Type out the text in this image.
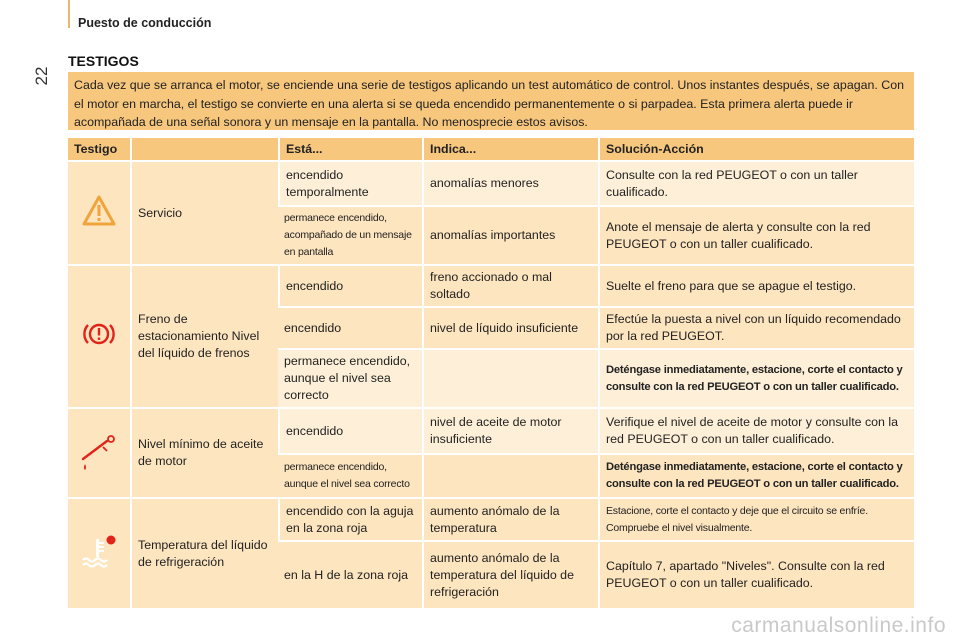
Puesto de conducción
22
TESTIGOS
Cada vez que se arranca el motor, se enciende una serie de testigos aplicando un test automático de control. Unos instantes después, se apagan. Con el motor en marcha, el testigo se convierte en una alerta si se queda encendido permanentemente o si parpadea. Esta primera alerta puede ir acompañada de una señal sonora y un mensaje en la pantalla. No menosprecie estos avisos.
Testigo		Está...	Indica...	Solución-Acción
	Servicio	encendido temporalmente	anomalías menores	Consulte con la red PEUGEOT o con un taller cualificado.
		permanece encendido, acompañado de un mensaje en pantalla	anomalías importantes	Anote el mensaje de alerta y consulte con la red PEUGEOT o con un taller cualificado.
	Freno de estacionamiento Nivel del líquido de frenos	encendido	freno accionado o mal soltado	Suelte el freno para que se apague el testigo.
		encendido	nivel de líquido insuficiente	Efectúe la puesta a nivel con un líquido recomendado por la red PEUGEOT.
		permanece encendido, aunque el nivel sea correcto		Deténgase inmediatamente, estacione, corte el contacto y consulte con la red PEUGEOT o con un taller cualificado.
	Nivel mínimo de aceite de motor	encendido	nivel de aceite de motor insuficiente	Verifique el nivel de aceite de motor y consulte con la red PEUGEOT o con un taller cualificado.
		permanece encendido, aunque el nivel sea correcto		Deténgase inmediatamente, estacione, corte el contacto y consulte con la red PEUGEOT o con un taller cualificado.
	Temperatura del líquido de refrigeración	encendido con la aguja en la zona roja	aumento anómalo de la temperatura	Estacione, corte el contacto y deje que el circuito se enfríe. Compruebe el nivel visualmente.
		en la H de la zona roja	aumento anómalo de la temperatura del líquido de refrigeración	Capítulo 7, apartado "Niveles". Consulte con la red PEUGEOT o con un taller cualificado.
carmanualsonline.info
